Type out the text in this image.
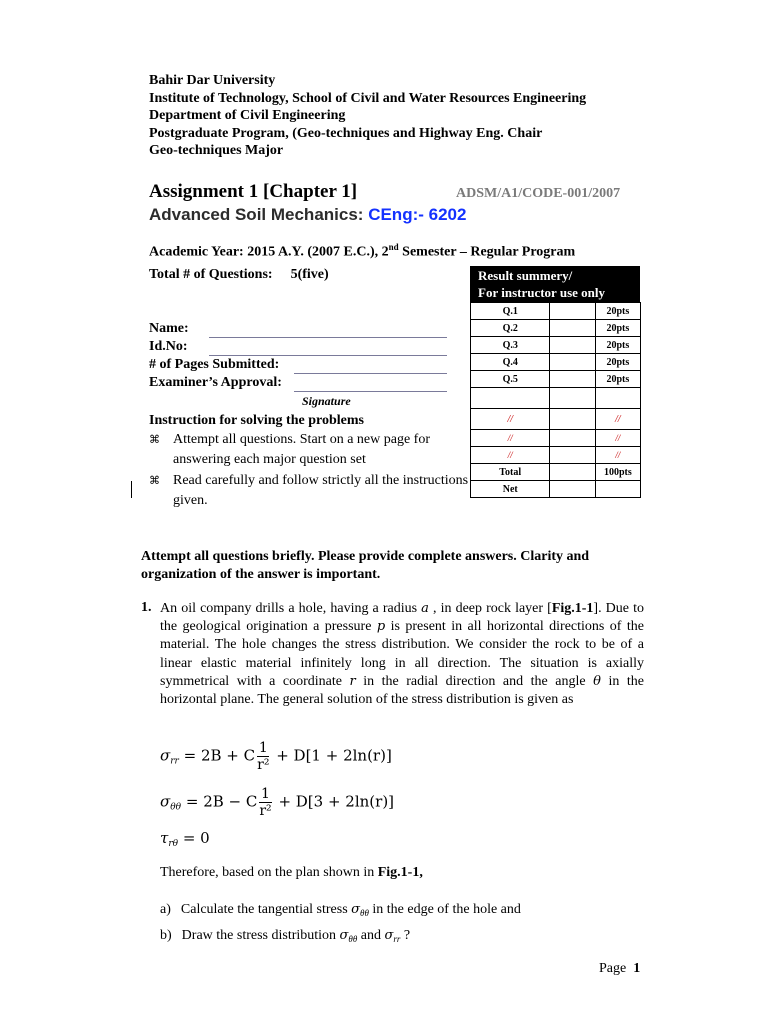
Bahir Dar University
Institute of Technology, School of Civil and Water Resources Engineering
Department of Civil Engineering
Postgraduate Program, (Geo-techniques and Highway Eng. Chair
Geo-techniques Major
Assignment 1 [Chapter 1]	ADSM/A1/CODE-001/2007
Advanced Soil Mechanics: CEng:- 6202
Academic Year: 2015 A.Y. (2007 E.C.), 2nd Semester – Regular Program
Total # of Questions: 5(five)
Name:
Id.No:
# of Pages Submitted:
Examiner’s Approval:
Signature
Instruction for solving the problems
⌘ Attempt all questions. Start on a new page for answering each major question set
⌘ Read carefully and follow strictly all the instructions given.
Result summery/
For instructor use only
Q.1		20pts
Q.2		20pts
Q.3		20pts
Q.4		20pts
Q.5		20pts

//		//
//		//
//		//
Total		100pts
Net		
Attempt all questions briefly. Please provide complete answers. Clarity and organization of the answer is important.
1. An oil company drills a hole, having a radius a , in deep rock layer [Fig.1-1]. Due to the geological origination a pressure p is present in all horizontal directions of the material. The hole changes the stress distribution. We consider the rock to be of a linear elastic material infinitely long in all direction. The situation is axially symmetrical with a coordinate r in the radial direction and the angle θ in the horizontal plane. The general solution of the stress distribution is given as
$\sigma_{rr} = 2B + C \frac{1}{\text{r²}} + D[1 + 2\ln(r)]$
$\sigma_{\theta\theta} = 2B - C \frac{1}{\text{r²}} + D[3 + 2\ln(r)]$
$\tau_{r\theta} = 0$
Therefore, based on the plan shown in Fig.1-1,
a) Calculate the tangential stress $\sigma_{\theta\theta}$ in the edge of the hole and
b) Draw the stress distribution $\sigma_{\theta\theta}$ and $\sigma_{rr}$ ?
Page 1
